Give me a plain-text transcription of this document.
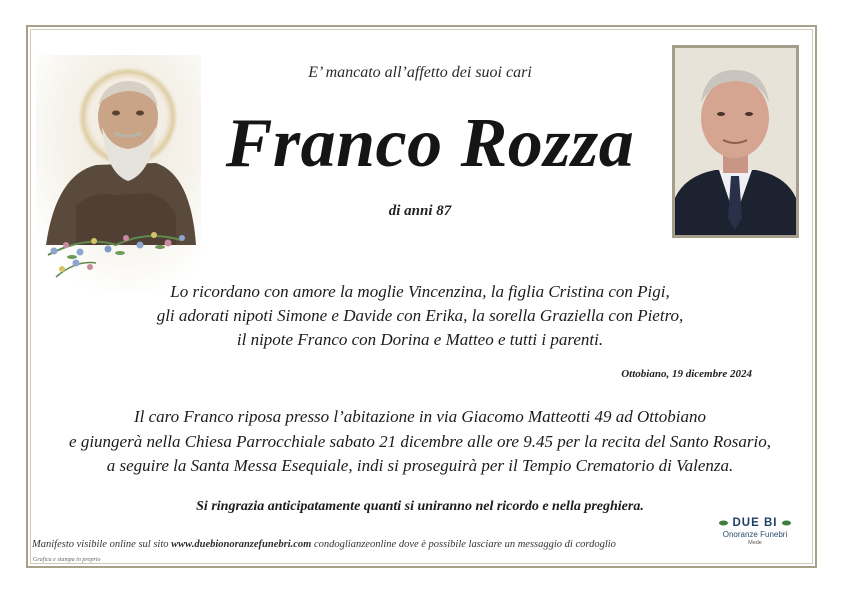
E’ mancato all’affetto dei suoi cari
Franco Rozza
di anni 87
Lo ricordano con amore la moglie Vincenzina, la figlia Cristina con Pigi,
gli adorati nipoti Simone e Davide con Erika, la sorella Graziella con Pietro,
il nipote Franco con Dorina e Matteo e tutti i parenti.
Ottobiano, 19 dicembre 2024
Il caro Franco riposa presso l’abitazione in via Giacomo Matteotti 49 ad Ottobiano
e giungerà nella Chiesa Parrocchiale sabato 21 dicembre alle ore 9.45 per la recita del Santo Rosario,
a seguire la Santa Messa Esequiale, indi si proseguirà per il Tempio Crematorio di Valenza.
Si ringrazia anticipatamente quanti si uniranno nel ricordo e nella preghiera.
Manifesto visibile online sul sito www.duebionoranzefunebri.com condoglianzeonline dove è possibile lasciare un messaggio di cordoglio
Grafica e stampa in proprio
DUE BI
Onoranze Funebri
Mede
